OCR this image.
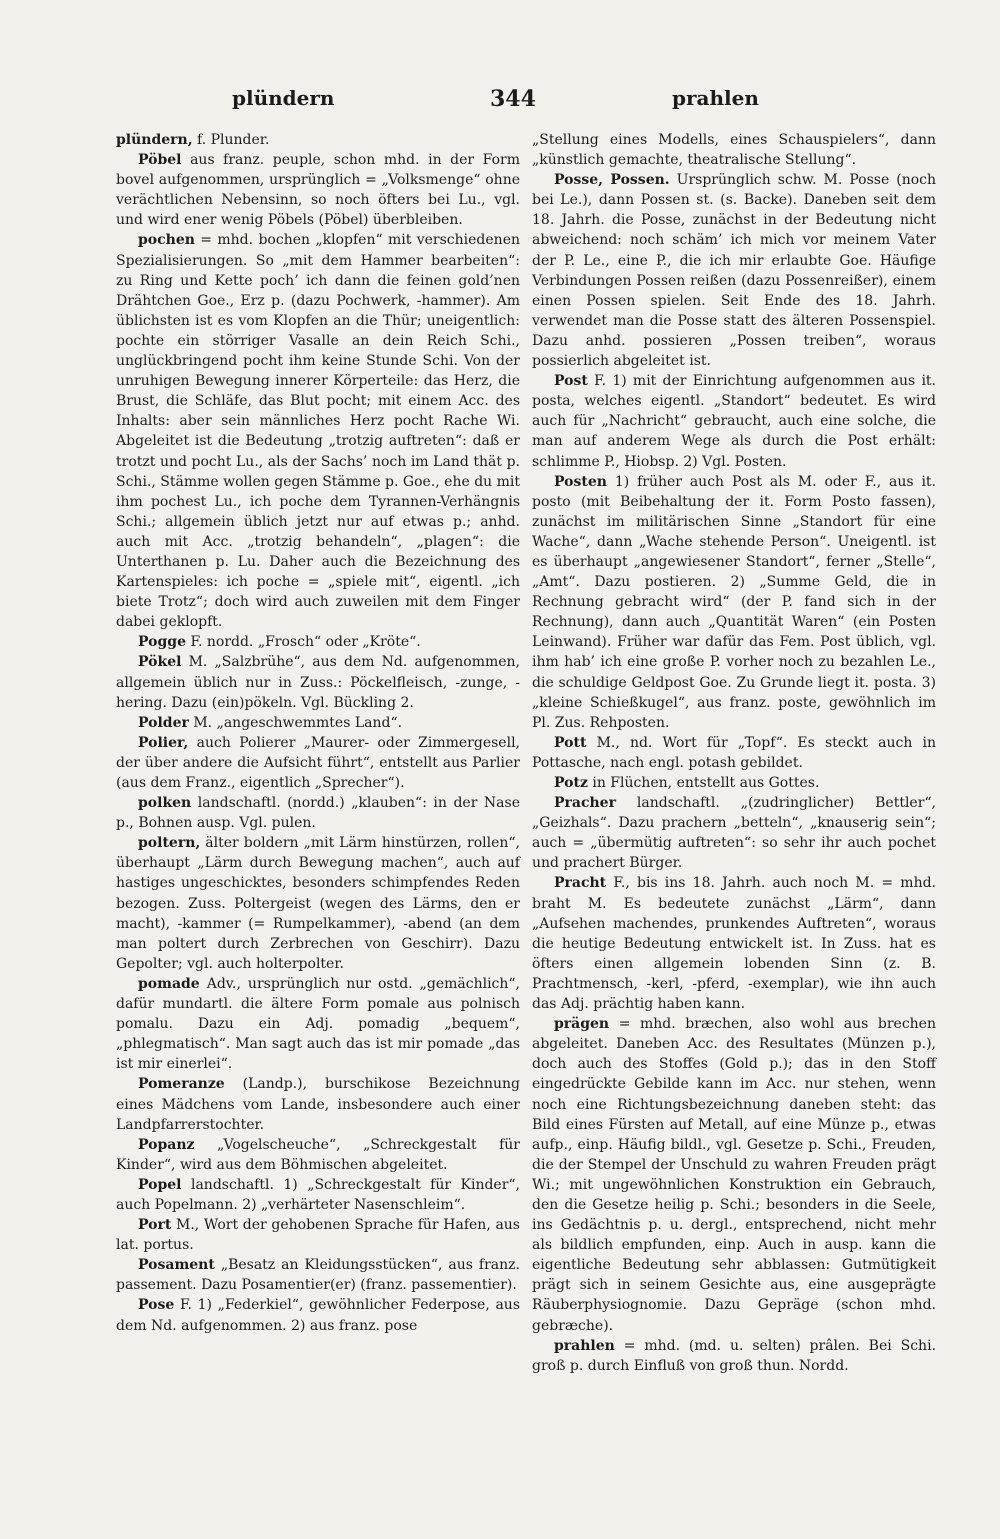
plündern	344	prahlen

plündern, f. Plunder.

Pöbel aus franz. peuple, schon mhd. in der Form bovel aufgenommen, ursprünglich = „Volksmenge“ ohne verächtlichen Nebensinn, so noch öfters bei Lu., vgl. und wird ener wenig Pöbels (Pöbel) überbleiben.

pochen = mhd. bochen „klopfen“ mit verschiedenen Spezialisierungen. So „mit dem Hammer bearbeiten“: zu Ring und Kette poch’ ich dann die feinen gold’nen Drähtchen Goe., Erz p. (dazu Pochwerk, -hammer). Am üblichsten ist es vom Klopfen an die Thür; uneigentlich: pochte ein störriger Vasalle an dein Reich Schi., unglückbringend pocht ihm keine Stunde Schi. Von der unruhigen Bewegung innerer Körperteile: das Herz, die Brust, die Schläfe, das Blut pocht; mit einem Acc. des Inhalts: aber sein männliches Herz pocht Rache Wi. Abgeleitet ist die Bedeutung „trotzig auftreten“: daß er trotzt und pocht Lu., als der Sachs’ noch im Land thät p. Schi., Stämme wollen gegen Stämme p. Goe., ehe du mit ihm pochest Lu., ich poche dem Tyrannen-Verhängnis Schi.; allgemein üblich jetzt nur auf etwas p.; anhd. auch mit Acc. „trotzig behandeln“, „plagen“: die Unterthanen p. Lu. Daher auch die Bezeichnung des Kartenspieles: ich poche = „spiele mit“, eigentl. „ich biete Trotz“; doch wird auch zuweilen mit dem Finger dabei geklopft.

Pogge F. nordd. „Frosch“ oder „Kröte“.

Pökel M. „Salzbrühe“, aus dem Nd. aufgenommen, allgemein üblich nur in Zuss.: Pöckelfleisch, -zunge, -hering. Dazu (ein)pökeln. Vgl. Bückling 2.

Polder M. „angeschwemmtes Land“.

Polier, auch Polierer „Maurer- oder Zimmergesell, der über andere die Aufsicht führt“, entstellt aus Parlier (aus dem Franz., eigentlich „Sprecher“).

polken landschaftl. (nordd.) „klauben“: in der Nase p., Bohnen ausp. Vgl. pulen.

poltern, älter boldern „mit Lärm hinstürzen, rollen“, überhaupt „Lärm durch Bewegung machen“, auch auf hastiges ungeschicktes, besonders schimpfendes Reden bezogen. Zuss. Poltergeist (wegen des Lärms, den er macht), -kammer (= Rumpelkammer), -abend (an dem man poltert durch Zerbrechen von Geschirr). Dazu Gepolter; vgl. auch holterpolter.

pomade Adv., ursprünglich nur ostd. „gemächlich“, dafür mundartl. die ältere Form pomale aus polnisch pomalu. Dazu ein Adj. pomadig „bequem“, „phlegmatisch“. Man sagt auch das ist mir pomade „das ist mir einerlei“.

Pomeranze (Landp.), burschikose Bezeichnung eines Mädchens vom Lande, insbesondere auch einer Landpfarrerstochter.

Popanz „Vogelscheuche“, „Schreckgestalt für Kinder“, wird aus dem Böhmischen abgeleitet.

Popel landschaftl. 1) „Schreckgestalt für Kinder“, auch Popelmann. 2) „verhärteter Nasenschleim“.

Port M., Wort der gehobenen Sprache für Hafen, aus lat. portus.

Posament „Besatz an Kleidungsstücken“, aus franz. passement. Dazu Posamentier(er) (franz. passementier).

Pose F. 1) „Federkiel“, gewöhnlicher Federpose, aus dem Nd. aufgenommen. 2) aus franz. pose

„Stellung eines Modells, eines Schauspielers“, dann „künstlich gemachte, theatralische Stellung“.

Posse, Possen. Ursprünglich schw. M. Posse (noch bei Le.), dann Possen st. (s. Backe). Daneben seit dem 18. Jahrh. die Posse, zunächst in der Bedeutung nicht abweichend: noch schäm’ ich mich vor meinem Vater der P. Le., eine P., die ich mir erlaubte Goe. Häufige Verbindungen Possen reißen (dazu Possenreißer), einem einen Possen spielen. Seit Ende des 18. Jahrh. verwendet man die Posse statt des älteren Possenspiel. Dazu anhd. possieren „Possen treiben“, woraus possierlich abgeleitet ist.

Post F. 1) mit der Einrichtung aufgenommen aus it. posta, welches eigentl. „Standort“ bedeutet. Es wird auch für „Nachricht“ gebraucht, auch eine solche, die man auf anderem Wege als durch die Post erhält: schlimme P., Hiobsp. 2) Vgl. Posten.

Posten 1) früher auch Post als M. oder F., aus it. posto (mit Beibehaltung der it. Form Posto fassen), zunächst im militärischen Sinne „Standort für eine Wache“, dann „Wache stehende Person“. Uneigentl. ist es überhaupt „angewiesener Standort“, ferner „Stelle“, „Amt“. Dazu postieren. 2) „Summe Geld, die in Rechnung gebracht wird“ (der P. fand sich in der Rechnung), dann auch „Quantität Waren“ (ein Posten Leinwand). Früher war dafür das Fem. Post üblich, vgl. ihm hab’ ich eine große P. vorher noch zu bezahlen Le., die schuldige Geldpost Goe. Zu Grunde liegt it. posta. 3) „kleine Schießkugel“, aus franz. poste, gewöhnlich im Pl. Zus. Rehposten.

Pott M., nd. Wort für „Topf“. Es steckt auch in Pottasche, nach engl. potash gebildet.

Potz in Flüchen, entstellt aus Gottes.

Pracher landschaftl. „(zudringlicher) Bettler“, „Geizhals“. Dazu prachern „betteln“, „knauserig sein“; auch = „übermütig auftreten“: so sehr ihr auch pochet und prachert Bürger.

Pracht F., bis ins 18. Jahrh. auch noch M. = mhd. braht M. Es bedeutete zunächst „Lärm“, dann „Aufsehen machendes, prunkendes Auftreten“, woraus die heutige Bedeutung entwickelt ist. In Zuss. hat es öfters einen allgemein lobenden Sinn (z. B. Prachtmensch, -kerl, -pferd, -exemplar), wie ihn auch das Adj. prächtig haben kann.

prägen = mhd. bræchen, also wohl aus brechen abgeleitet. Daneben Acc. des Resultates (Münzen p.), doch auch des Stoffes (Gold p.); das in den Stoff eingedrückte Gebilde kann im Acc. nur stehen, wenn noch eine Richtungsbezeichnung daneben steht: das Bild eines Fürsten auf Metall, auf eine Münze p., etwas aufp., einp. Häufig bildl., vgl. Gesetze p. Schi., Freuden, die der Stempel der Unschuld zu wahren Freuden prägt Wi.; mit ungewöhnlichen Konstruktion ein Gebrauch, den die Gesetze heilig p. Schi.; besonders in die Seele, ins Gedächtnis p. u. dergl., entsprechend, nicht mehr als bildlich empfunden, einp. Auch in ausp. kann die eigentliche Bedeutung sehr abblassen: Gutmütigkeit prägt sich in seinem Gesichte aus, eine ausgeprägte Räuberphysiognomie. Dazu Gepräge (schon mhd. gebræche).

prahlen = mhd. (md. u. selten) prâlen. Bei Schi. groß p. durch Einfluß von groß thun. Nordd.
